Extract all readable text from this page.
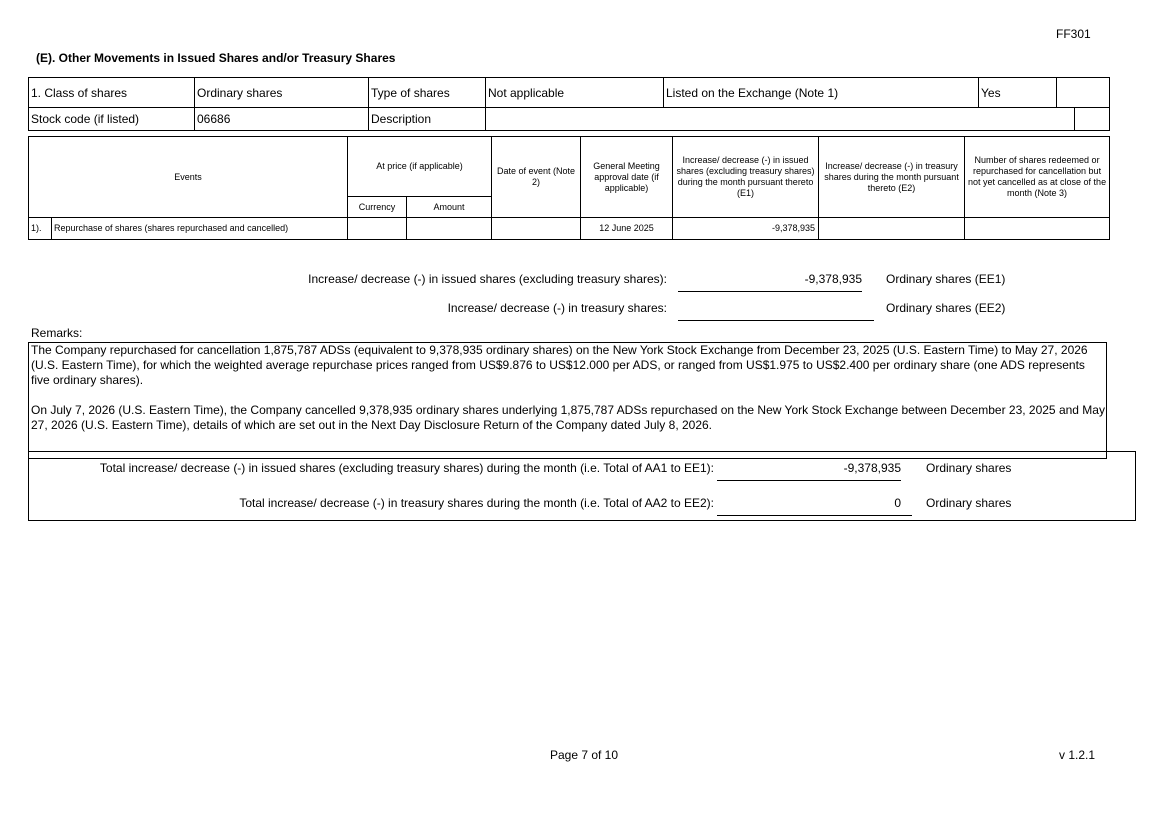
FF301
(E). Other Movements in Issued Shares and/or Treasury Shares
1. Class of shares	Ordinary shares	Type of shares	Not applicable	Listed on the Exchange (Note 1)	Yes		
Stock code (if listed)	06686	Description					
Events		At price (if applicable)		Date of event (Note 2)	General Meeting approval date (if applicable)	Increase/ decrease (-) in issued shares (excluding treasury shares) during the month pursuant thereto (E1)	Increase/ decrease (-) in treasury shares during the month pursuant thereto (E2)	Number of shares redeemed or repurchased for cancellation but not yet cancelled as at close of the month (Note 3)
		Currency	Amount					
1).	Repurchase of shares (shares repurchased and cancelled)				12 June 2025	-9,378,935		
Increase/ decrease (-) in issued shares (excluding treasury shares):	-9,378,935 Ordinary shares (EE1)
Increase/ decrease (-) in treasury shares:	Ordinary shares (EE2)
Remarks:

The Company repurchased for cancellation 1,875,787 ADSs (equivalent to 9,378,935 ordinary shares) on the New York Stock Exchange from December 23, 2025 (U.S. Eastern Time) to May 27, 2026 (U.S. Eastern Time), for which the weighted average repurchase prices ranged from US$9.876 to US$12.000 per ADS, or ranged from US$1.975 to US$2.400 per ordinary share (one ADS represents five ordinary shares).

On July 7, 2026 (U.S. Eastern Time), the Company cancelled 9,378,935 ordinary shares underlying 1,875,787 ADSs repurchased on the New York Stock Exchange between December 23, 2025 and May 27, 2026 (U.S. Eastern Time), details of which are set out in the Next Day Disclosure Return of the Company dated July 8, 2026.

Total increase/ decrease (-) in issued shares (excluding treasury shares) during the month (i.e. Total of AA1 to EE1):	-9,378,935 Ordinary shares
Total increase/ decrease (-) in treasury shares during the month (i.e. Total of AA2 to EE2):	0	Ordinary shares
Page 7 of 10	v 1.2.1
